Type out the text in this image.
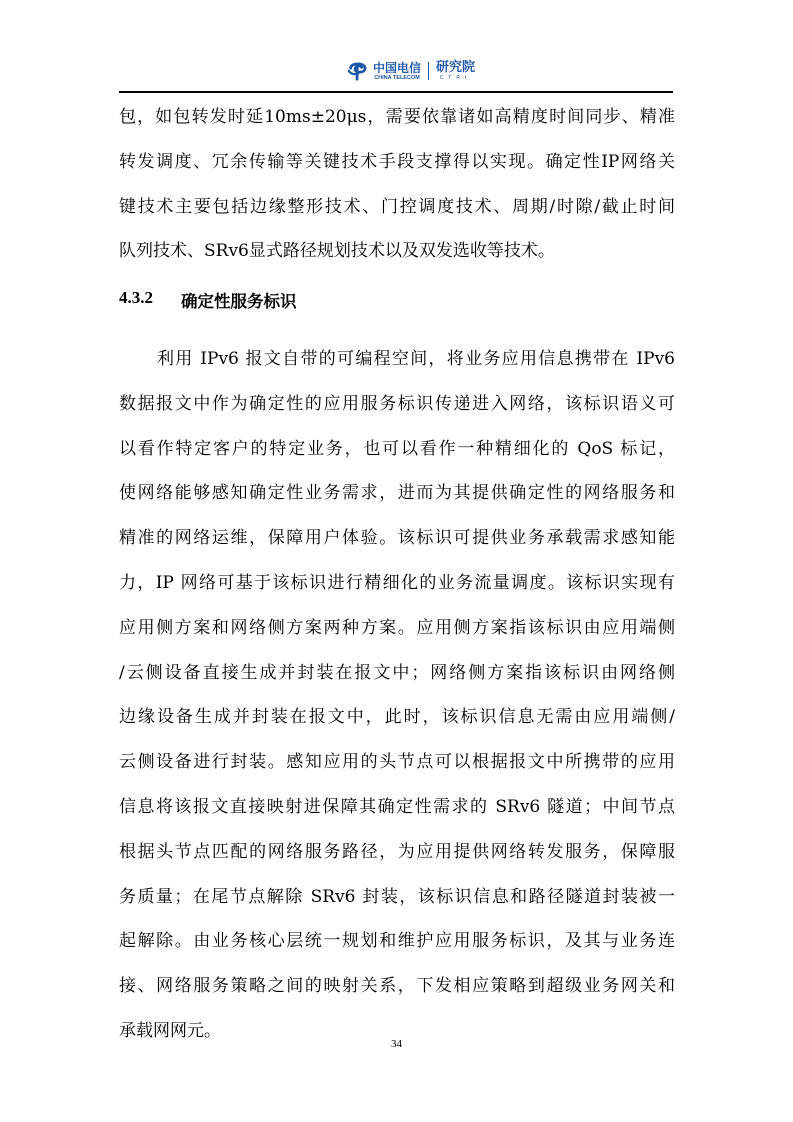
中国电信
CHINA TELECOM
研究院
CTRI
包，如包转发时延10ms±20μs，需要依靠诸如高精度时间同步、精准
转发调度、冗余传输等关键技术手段支撑得以实现。确定性IP网络关
键技术主要包括边缘整形技术、门控调度技术、周期/时隙/截止时间
队列技术、SRv6显式路径规划技术以及双发选收等技术。
4.3.2	确定性服务标识
利用 IPv6 报文自带的可编程空间，将业务应用信息携带在 IPv6
数据报文中作为确定性的应用服务标识传递进入网络，该标识语义可
以看作特定客户的特定业务，也可以看作一种精细化的 QoS 标记，
使网络能够感知确定性业务需求，进而为其提供确定性的网络服务和
精准的网络运维，保障用户体验。该标识可提供业务承载需求感知能
力，IP 网络可基于该标识进行精细化的业务流量调度。该标识实现有
应用侧方案和网络侧方案两种方案。应用侧方案指该标识由应用端侧
/云侧设备直接生成并封装在报文中；网络侧方案指该标识由网络侧
边缘设备生成并封装在报文中，此时，该标识信息无需由应用端侧/
云侧设备进行封装。感知应用的头节点可以根据报文中所携带的应用
信息将该报文直接映射进保障其确定性需求的 SRv6 隧道；中间节点
根据头节点匹配的网络服务路径，为应用提供网络转发服务，保障服
务质量；在尾节点解除 SRv6 封装，该标识信息和路径隧道封装被一
起解除。由业务核心层统一规划和维护应用服务标识，及其与业务连
接、网络服务策略之间的映射关系，下发相应策略到超级业务网关和
承载网网元。
34
